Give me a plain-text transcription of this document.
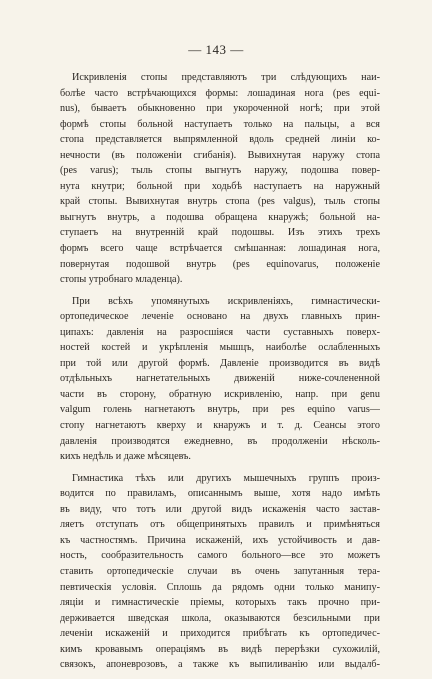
— 143 —
Искривленія стопы представляютъ три слѣдующихъ наи-
болѣе часто встрѣчающихся формы: лошадиная нога (pes equi-
nus), бываетъ обыкновенно при укороченной ногѣ; при этой
формѣ стопы больной наступаетъ только на пальцы, а вся
стопа представляется выпрямленной вдоль средней линіи ко-
нечности (въ положеніи сгибанія). Вывихнутая наружу стопа
(pes varus); тыль стопы выгнутъ наружу, подошва повер-
нута кнутри; больной при ходьбѣ наступаетъ на наружный
край стопы. Вывихнутая внутрь стопа (pes valgus), тыль стопы
выгнутъ внутрь, а подошва обращена кнаружѣ; больной на-
ступаетъ на внутренній край подошвы. Изъ этихъ трехъ
формъ всего чаще встрѣчается смѣшанная: лошадиная нога,
повернутая подошвой внутрь (pes equinovarus, положеніе
стопы утробнаго младенца).
При всѣхъ упомянутыхъ искривленіяхъ, гимнастически-
ортопедическое леченіе основано на двухъ главныхъ прин-
ципахъ: давленія на разросшіяся части суставныхъ поверх-
ностей костей и укрѣпленія мышцъ, наиболѣе ослабленныхъ
при той или другой формѣ. Давленіе производится въ видѣ
отдѣльныхъ нагнетательныхъ движеній ниже-сочлененной
части въ сторону, обратную искривленію, напр. при genu
valgum голень нагнетаютъ внутрь, при pes equino varus—
стопу нагнетаютъ кверху и кнаружъ и т. д. Сеансы этого
давленія производятся ежедневно, въ продолженіи нѣсколь-
кихъ недѣль и даже мѣсяцевъ.
Гимнастика тѣхъ или другихъ мышечныхъ группъ произ-
водится по правиламъ, описаннымъ выше, хотя надо имѣть
въ виду, что тотъ или другой видъ искаженія часто застав-
ляетъ отступать отъ общепринятыхъ правилъ и примѣняться
къ частностямъ. Причина искаженій, ихъ устойчивость и дав-
ность, сообразительность самого больного—все это можетъ
ставить ортопедическіе случаи въ очень запутанныя тера-
певтическія условія. Сплошь да рядомъ одни только манипу-
ляціи и гимнастическіе пріемы, которыхъ такъ прочно при-
держивается шведская школа, оказываются безсильными при
леченіи искаженій и приходится прибѣгать къ ортопедичес-
кимъ кровавымъ операціямъ въ видѣ перерѣзки сухожилій,
связокъ, апоневрозовъ, а также къ выпиливанію или выдалб-
